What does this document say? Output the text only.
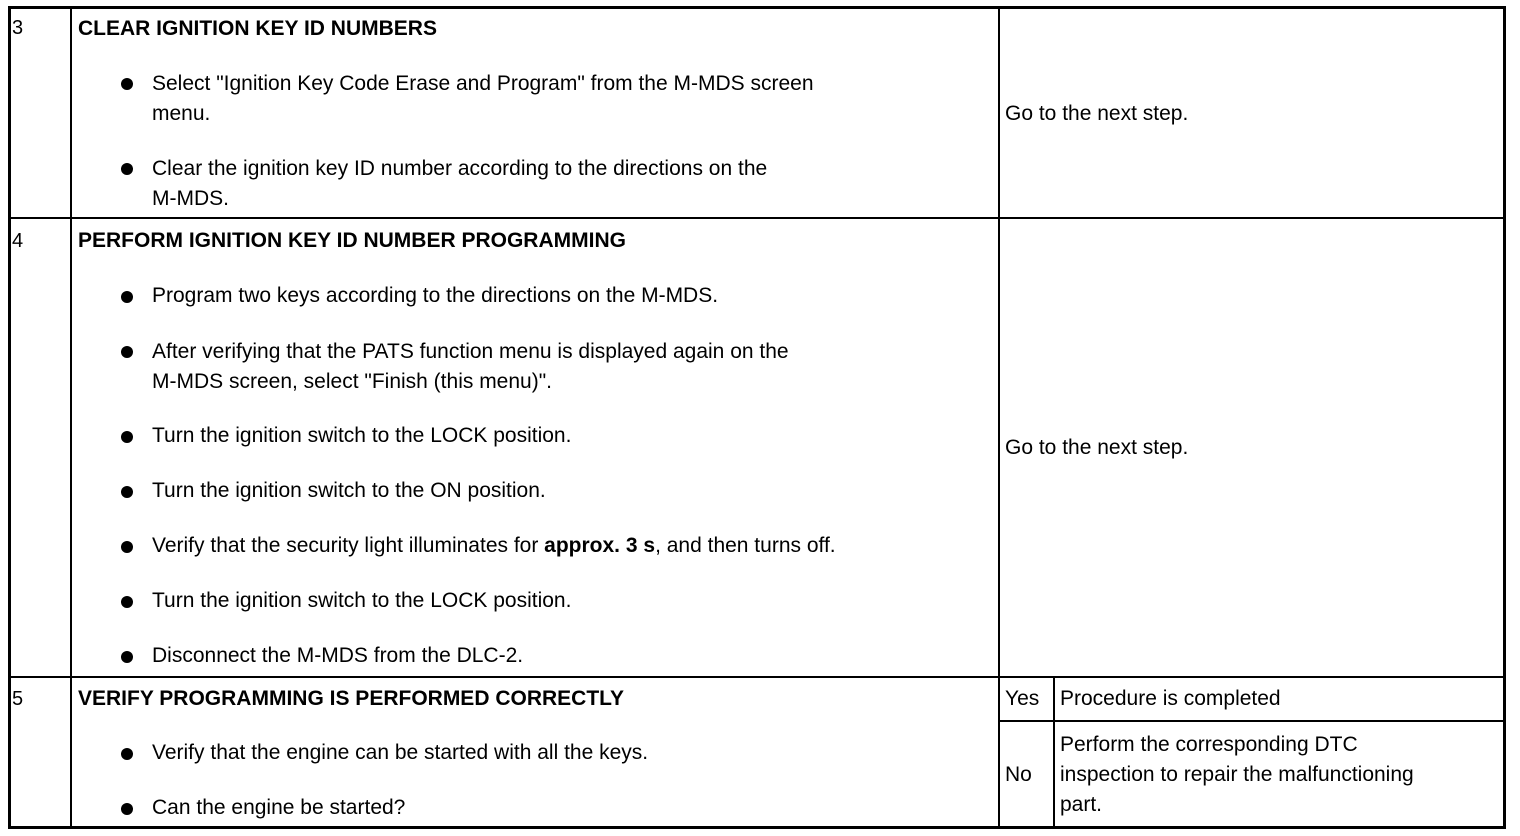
3	CLEAR IGNITION KEY ID NUMBERS
Select "Ignition Key Code Erase and Program" from the M-MDS screen
menu.
Clear the ignition key ID number according to the directions on the
M-MDS.
Go to the next step.
4	PERFORM IGNITION KEY ID NUMBER PROGRAMMING
Program two keys according to the directions on the M-MDS.
After verifying that the PATS function menu is displayed again on the
M-MDS screen, select "Finish (this menu)".
Turn the ignition switch to the LOCK position.
Turn the ignition switch to the ON position.
Verify that the security light illuminates for approx. 3 s, and then turns off.
Turn the ignition switch to the LOCK position.
Disconnect the M-MDS from the DLC-2.
Go to the next step.
5	VERIFY PROGRAMMING IS PERFORMED CORRECTLY
Verify that the engine can be started with all the keys.
Can the engine be started?
Yes Procedure is completed
No
Perform the corresponding DTC
inspection to repair the malfunctioning
part.
